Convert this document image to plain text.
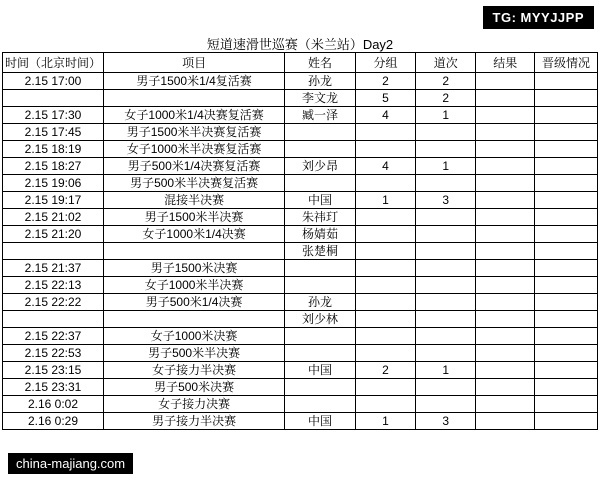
TG: MYYJJPP
短道速滑世巡赛（米兰站）Day2
时间（北京时间）	项目	姓名	分组	道次	结果	晋级情况
2.15 17:00	男子1500米1/4复活赛	孙龙	2	2		
		李文龙	5	2		
2.15 17:30	女子1000米1/4决赛复活赛	臧一泽	4	1		
2.15 17:45	男子1500米半决赛复活赛					
2.15 18:19	女子1000米半决赛复活赛					
2.15 18:27	男子500米1/4决赛复活赛	刘少昂	4	1		
2.15 19:06	男子500米半决赛复活赛					
2.15 19:17	混接半决赛	中国	1	3		
2.15 21:02	男子1500米半决赛	朱祎玎				
2.15 21:20	女子1000米1/4决赛	杨婧茹				
		张楚桐				
2.15 21:37	男子1500米决赛					
2.15 22:13	女子1000米半决赛					
2.15 22:22	男子500米1/4决赛	孙龙				
		刘少林				
2.15 22:37	女子1000米决赛					
2.15 22:53	男子500米半决赛					
2.15 23:15	女子接力半决赛	中国	2	1		
2.15 23:31	男子500米决赛					
2.16 0:02	女子接力决赛					
2.16 0:29	男子接力半决赛	中国	1	3		
china-majiang.com
